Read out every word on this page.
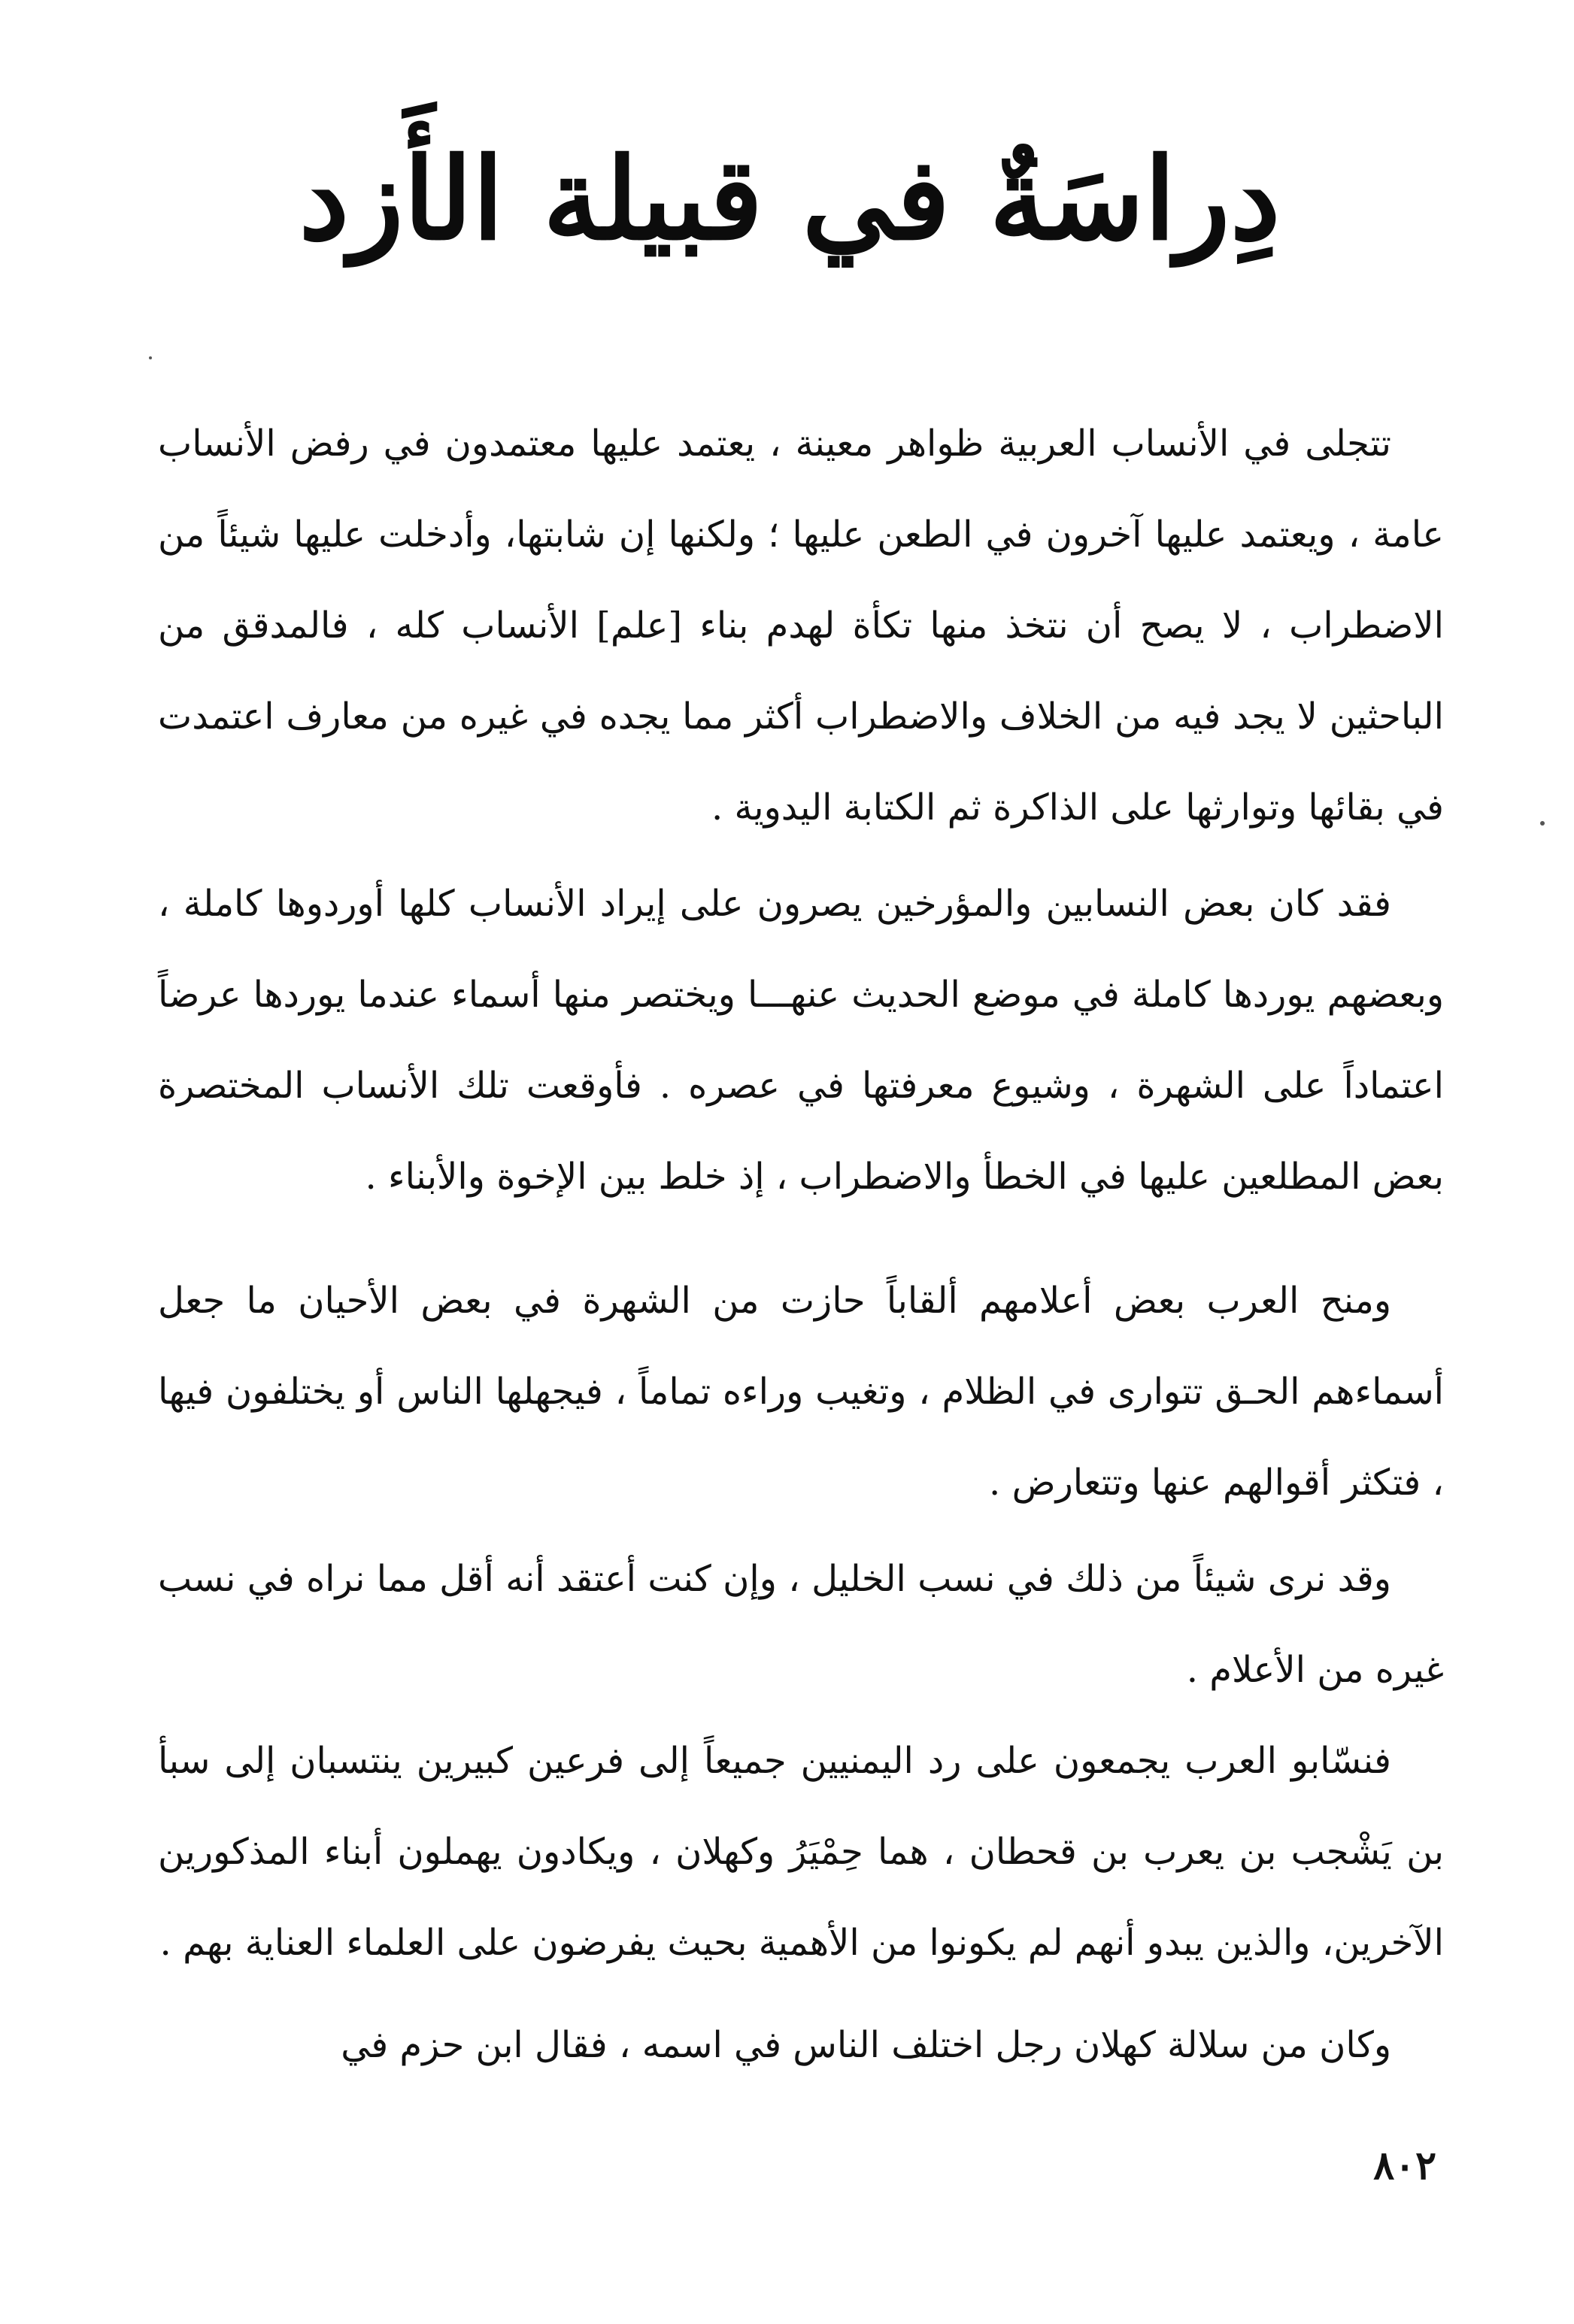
دِراسَةٌ في قبيلة الأَزد

تتجلى في الأنساب العربية ظواهر معينة ، يعتمد عليها معتمدون في رفض الأنساب عامة ، ويعتمد عليها آخرون في الطعن عليها ؛ ولكنها إن شابتها، وأدخلت عليها شيئاً من الاضطراب ، لا يصح أن نتخذ منها تكأة لهدم بناء [علم] الأنساب كله ، فالمدقق من الباحثين لا يجد فيه من الخلاف والاضطراب أكثر مما يجده في غيره من معارف اعتمدت في بقائها وتوارثها على الذاكرة ثم الكتابة اليدوية .

فقد كان بعض النسابين والمؤرخين يصرون على إيراد الأنساب كلها أوردوها كاملة ، وبعضهم يوردها كاملة في موضع الحديث عنهـــا ويختصر منها أسماء عندما يوردها عرضاً اعتماداً على الشهرة ، وشيوع معرفتها في عصره . فأوقعت تلك الأنساب المختصرة بعض المطلعين عليها في الخطأ والاضطراب ، إذ خلط بين الإخوة والأبناء .

ومنح العرب بعض أعلامهم ألقاباً حازت من الشهرة في بعض الأحيان ما جعل أسماءهم الحـق تتوارى في الظلام ، وتغيب وراءه تماماً ، فيجهلها الناس أو يختلفون فيها ، فتكثر أقوالهم عنها وتتعارض .

وقد نرى شيئاً من ذلك في نسب الخليل ، وإن كنت أعتقد أنه أقل مما نراه في نسب غيره من الأعلام .

فنسّابو العرب يجمعون على رد اليمنيين جميعاً إلى فرعين كبيرين ينتسبان إلى سبأ بن يَشْجب بن يعرب بن قحطان ، هما حِمْيَرُ وكهلان ، ويكادون يهملون أبناء المذكورين الآخرين، والذين يبدو أنهم لم يكونوا من الأهمية بحيث يفرضون على العلماء العناية بهم .

وكان من سلالة كهلان رجل اختلف الناس في اسمه ، فقال ابن حزم في

٨٠٢
